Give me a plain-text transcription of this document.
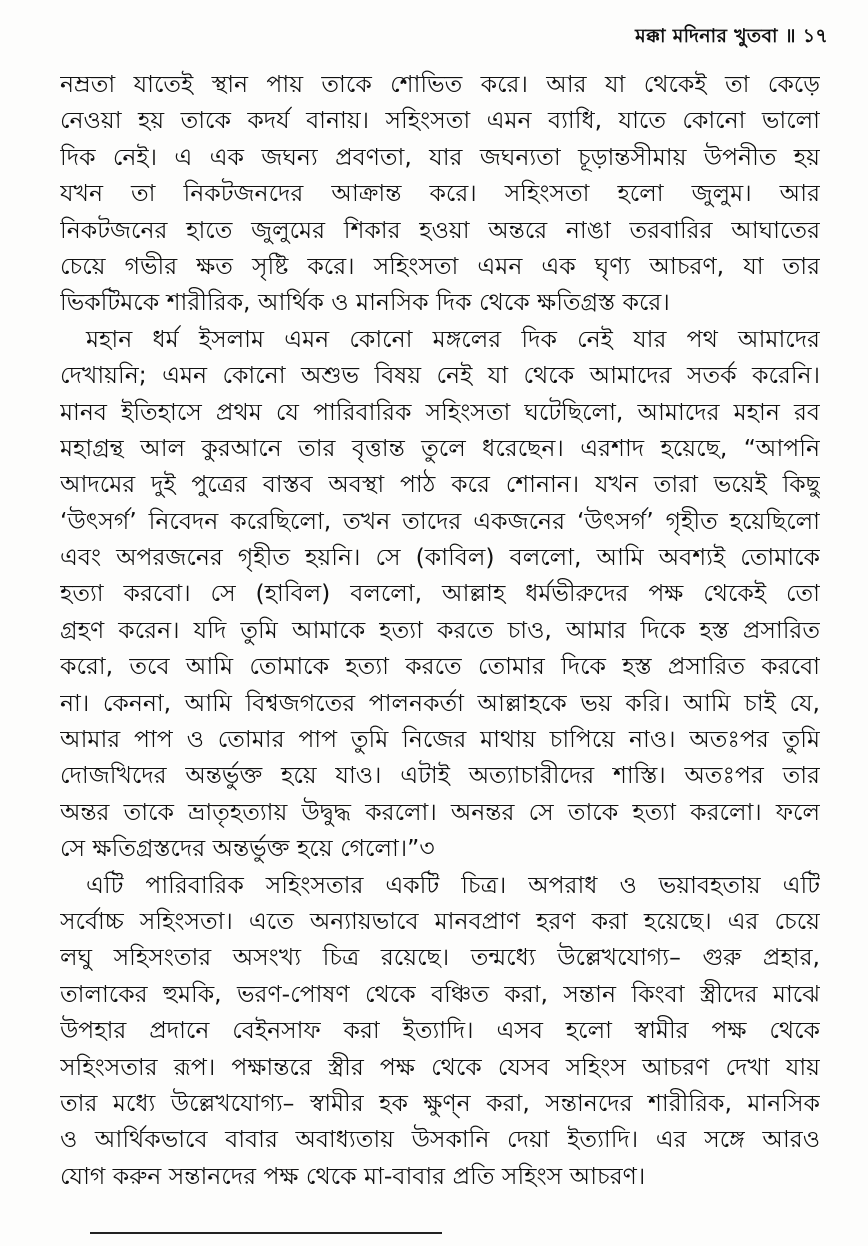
মক্কা মদিনার খুতবা ॥ ১৭
নম্রতা যাতেই স্থান পায় তাকে শোভিত করে। আর যা থেকেই তা কেড়ে
নেওয়া হয় তাকে কদর্য বানায়। সহিংসতা এমন ব্যাধি, যাতে কোনো ভালো
দিক নেই। এ এক জঘন্য প্রবণতা, যার জঘন্যতা চূড়ান্তসীমায় উপনীত হয়
যখন তা নিকটজনদের আক্রান্ত করে। সহিংসতা হলো জুলুম। আর
নিকটজনের হাতে জুলুমের শিকার হওয়া অন্তরে নাঙা তরবারির আঘাতের
চেয়ে গভীর ক্ষত সৃষ্টি করে। সহিংসতা এমন এক ঘৃণ্য আচরণ, যা তার
ভিকটিমকে শারীরিক, আর্থিক ও মানসিক দিক থেকে ক্ষতিগ্রস্ত করে।
মহান ধর্ম ইসলাম এমন কোনো মঙ্গলের দিক নেই যার পথ আমাদের
দেখায়নি; এমন কোনো অশুভ বিষয় নেই যা থেকে আমাদের সতর্ক করেনি।
মানব ইতিহাসে প্রথম যে পারিবারিক সহিংসতা ঘটেছিলো, আমাদের মহান রব
মহাগ্রন্থ আল কুরআনে তার বৃত্তান্ত তুলে ধরেছেন। এরশাদ হয়েছে, “আপনি
আদমের দুই পুত্রের বাস্তব অবস্থা পাঠ করে শোনান। যখন তারা ভয়েই কিছু
‘উৎসর্গ’ নিবেদন করেছিলো, তখন তাদের একজনের ‘উৎসর্গ’ গৃহীত হয়েছিলো
এবং অপরজনের গৃহীত হয়নি। সে (কাবিল) বললো, আমি অবশ্যই তোমাকে
হত্যা করবো। সে (হাবিল) বললো, আল্লাহ ধর্মভীরুদের পক্ষ থেকেই তো
গ্রহণ করেন। যদি তুমি আমাকে হত্যা করতে চাও, আমার দিকে হস্ত প্রসারিত
করো, তবে আমি তোমাকে হত্যা করতে তোমার দিকে হস্ত প্রসারিত করবো
না। কেননা, আমি বিশ্বজগতের পালনকর্তা আল্লাহকে ভয় করি। আমি চাই যে,
আমার পাপ ও তোমার পাপ তুমি নিজের মাথায় চাপিয়ে নাও। অতঃপর তুমি
দোজখিদের অন্তর্ভুক্ত হয়ে যাও। এটাই অত্যাচারীদের শাস্তি। অতঃপর তার
অন্তর তাকে ভ্রাতৃহত্যায় উদ্বুদ্ধ করলো। অনন্তর সে তাকে হত্যা করলো। ফলে
সে ক্ষতিগ্রস্তদের অন্তর্ভুক্ত হয়ে গেলো।”৩
এটি পারিবারিক সহিংসতার একটি চিত্র। অপরাধ ও ভয়াবহতায় এটি
সর্বোচ্চ সহিংসতা। এতে অন্যায়ভাবে মানবপ্রাণ হরণ করা হয়েছে। এর চেয়ে
লঘু সহিসংতার অসংখ্য চিত্র রয়েছে। তন্মধ্যে উল্লেখযোগ্য– গুরু প্রহার,
তালাকের হুমকি, ভরণ-পোষণ থেকে বঞ্চিত করা, সন্তান কিংবা স্ত্রীদের মাঝে
উপহার প্রদানে বেইনসাফ করা ইত্যাদি। এসব হলো স্বামীর পক্ষ থেকে
সহিংসতার রূপ। পক্ষান্তরে স্ত্রীর পক্ষ থেকে যেসব সহিংস আচরণ দেখা যায়
তার মধ্যে উল্লেখযোগ্য– স্বামীর হক ক্ষুণ্ন করা, সন্তানদের শারীরিক, মানসিক
ও আর্থিকভাবে বাবার অবাধ্যতায় উসকানি দেয়া ইত্যাদি। এর সঙ্গে আরও
যোগ করুন সন্তানদের পক্ষ থেকে মা-বাবার প্রতি সহিংস আচরণ।
